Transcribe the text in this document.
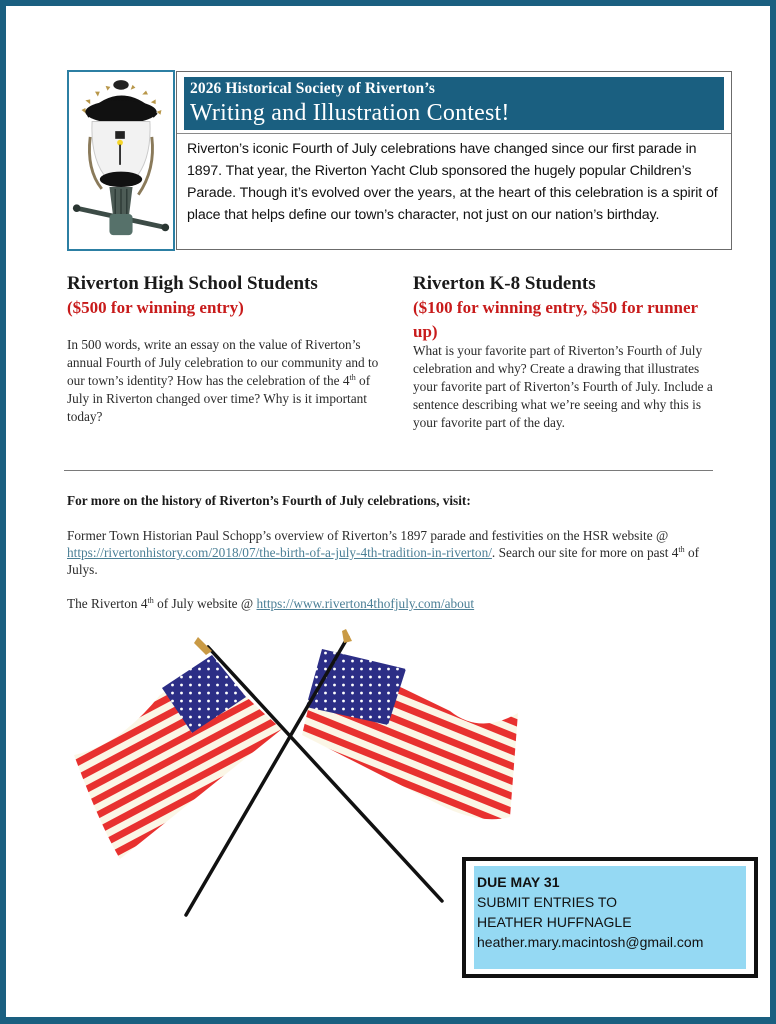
2026 Historical Society of Riverton’s
Writing and Illustration Contest!
Riverton’s iconic Fourth of July celebrations have changed since our first parade in 1897. That year, the Riverton Yacht Club sponsored the hugely popular Children’s Parade. Though it’s evolved over the years, at the heart of this celebration is a spirit of place that helps define our town’s character, not just on our nation’s birthday.
Riverton High School Students
($500 for winning entry)
In 500 words, write an essay on the value of Riverton’s annual Fourth of July celebration to our community and to our town’s identity? How has the celebration of the 4th of July in Riverton changed over time? Why is it important today?
Riverton K-8 Students
($100 for winning entry, $50 for runner up)
What is your favorite part of Riverton’s Fourth of July celebration and why? Create a drawing that illustrates your favorite part of Riverton’s Fourth of July. Include a sentence describing what we’re seeing and why this is your favorite part of the day.
For more on the history of Riverton’s Fourth of July celebrations, visit:
Former Town Historian Paul Schopp’s overview of Riverton’s 1897 parade and festivities on the HSR website @ https://rivertonhistory.com/2018/07/the-birth-of-a-july-4th-tradition-in-riverton/. Search our site for more on past 4th of Julys.
The Riverton 4th of July website @ https://www.riverton4thofjuly.com/about
DUE MAY 31
SUBMIT ENTRIES TO
HEATHER HUFFNAGLE
heather.mary.macintosh@gmail.com
